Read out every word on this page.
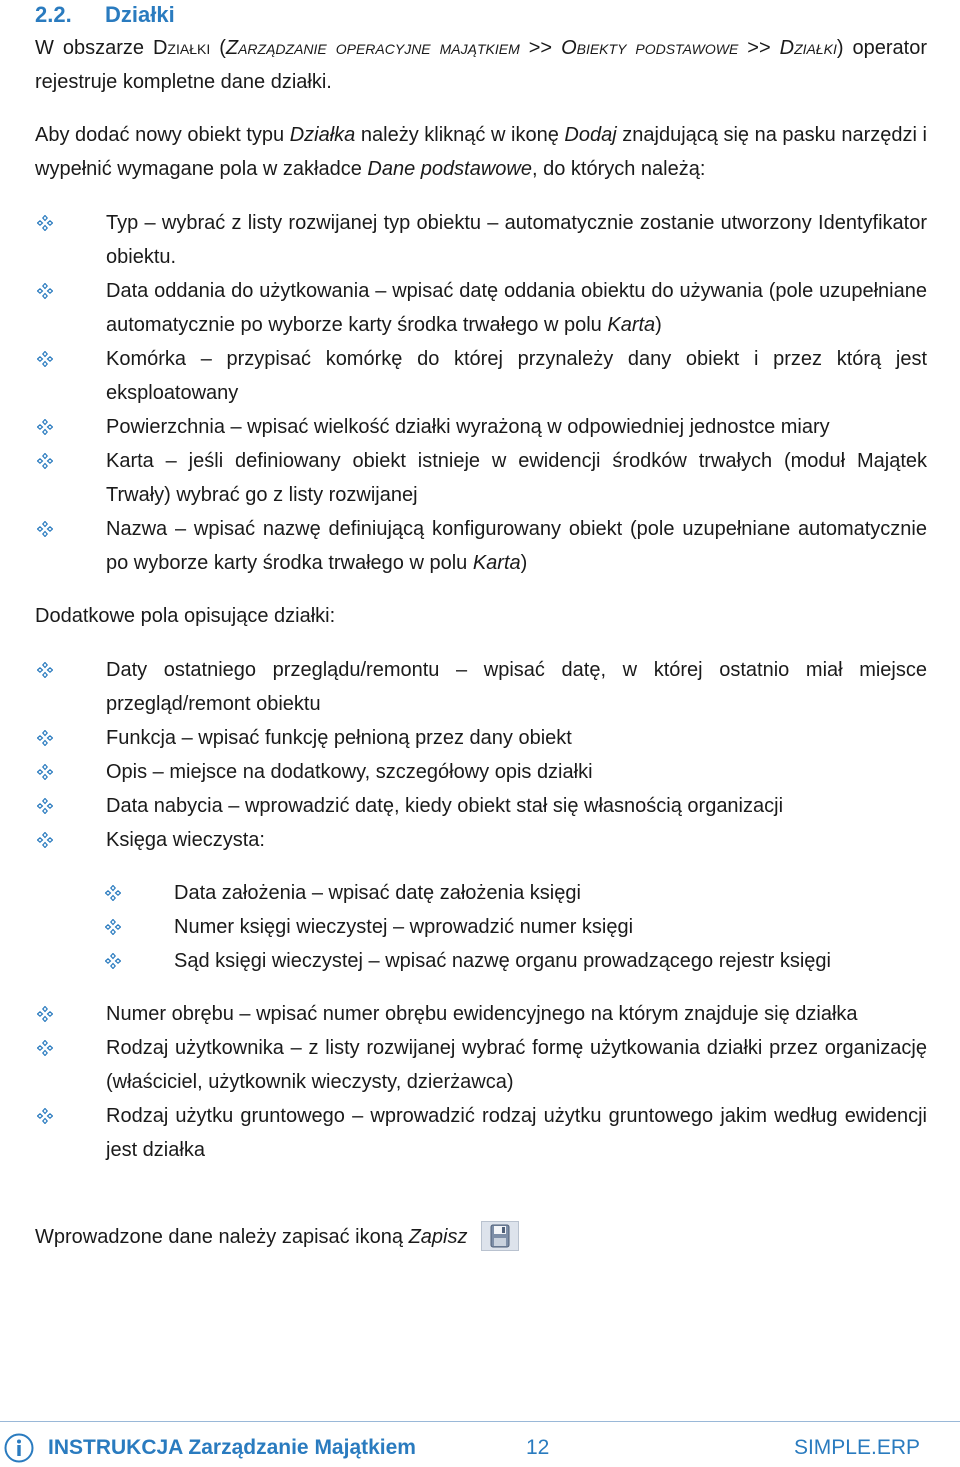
2.2. Działki
W obszarze Działki (Zarządzanie operacyjne majątkiem >> Obiekty podstawowe >> Działki) operator rejestruje kompletne dane działki.
Aby dodać nowy obiekt typu Działka należy kliknąć w ikonę Dodaj znajdującą się na pasku narzędzi i wypełnić wymagane pola w zakładce Dane podstawowe, do których należą:
Typ – wybrać z listy rozwijanej typ obiektu – automatycznie zostanie utworzony Identyfikator obiektu.
Data oddania do użytkowania – wpisać datę oddania obiektu do używania (pole uzupełniane automatycznie po wyborze karty środka trwałego w polu Karta)
Komórka – przypisać komórkę do której przynależy dany obiekt i przez którą jest eksploatowany
Powierzchnia – wpisać wielkość działki wyrażoną w odpowiedniej jednostce miary
Karta – jeśli definiowany obiekt istnieje w ewidencji środków trwałych (moduł Majątek Trwały) wybrać go z listy rozwijanej
Nazwa – wpisać nazwę definiującą konfigurowany obiekt (pole uzupełniane automatycznie po wyborze karty środka trwałego w polu Karta)
Dodatkowe pola opisujące działki:
Daty ostatniego przeglądu/remontu – wpisać datę, w której ostatnio miał miejsce przegląd/remont obiektu
Funkcja – wpisać funkcję pełnioną przez dany obiekt
Opis – miejsce na dodatkowy, szczegółowy opis działki
Data nabycia – wprowadzić datę, kiedy obiekt stał się własnością organizacji
Księga wieczysta:
Data założenia – wpisać datę założenia księgi
Numer księgi wieczystej – wprowadzić numer księgi
Sąd księgi wieczystej – wpisać nazwę organu prowadzącego rejestr księgi
Numer obrębu – wpisać numer obrębu ewidencyjnego na którym znajduje się działka
Rodzaj użytkownika – z listy rozwijanej wybrać formę użytkowania działki przez organizację (właściciel, użytkownik wieczysty, dzierżawca)
Rodzaj użytku gruntowego – wprowadzić rodzaj użytku gruntowego jakim według ewidencji jest działka
Wprowadzone dane należy zapisać ikoną Zapisz
INSTRUKCJA Zarządzanie Majątkiem	12	SIMPLE.ERP
